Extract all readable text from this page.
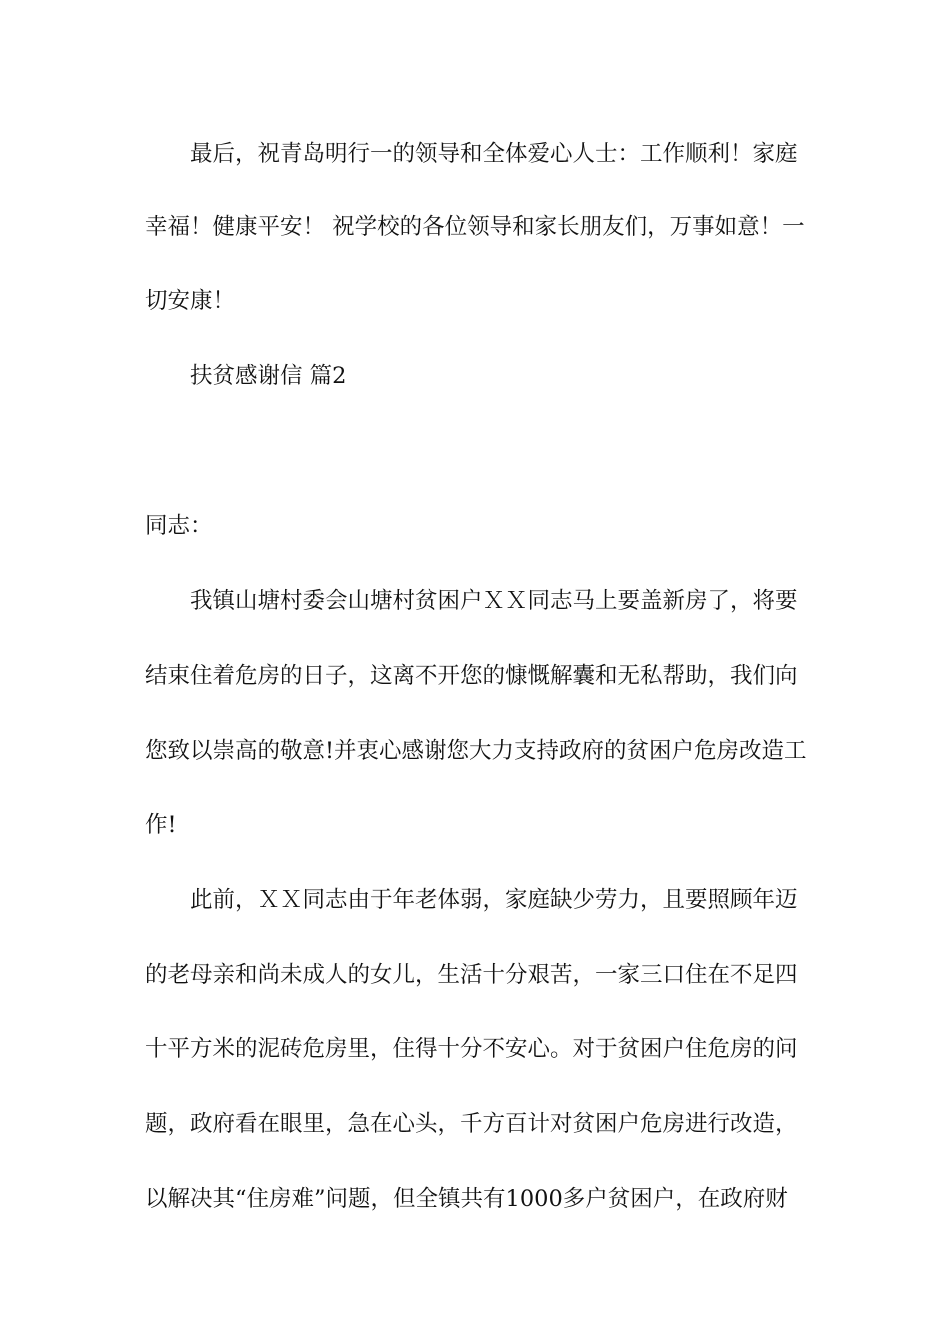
最后，祝青岛明行一的领导和全体爱心人士：工作顺利！家庭
幸福！健康平安！ 祝学校的各位领导和家长朋友们，万事如意！一
切安康！
扶贫感谢信 篇2
同志：
我镇山塘村委会山塘村贫困户ＸＸ同志马上要盖新房了，将要
结束住着危房的日子，这离不开您的慷慨解囊和无私帮助，我们向
您致以崇高的敬意!并衷心感谢您大力支持政府的贫困户危房改造工
作!
此前，ＸＸ同志由于年老体弱，家庭缺少劳力，且要照顾年迈
的老母亲和尚未成人的女儿，生活十分艰苦，一家三口住在不足四
十平方米的泥砖危房里，住得十分不安心。对于贫困户住危房的问
题，政府看在眼里，急在心头，千方百计对贫困户危房进行改造，
以解决其“住房难”问题，但全镇共有1000多户贫困户，在政府财
